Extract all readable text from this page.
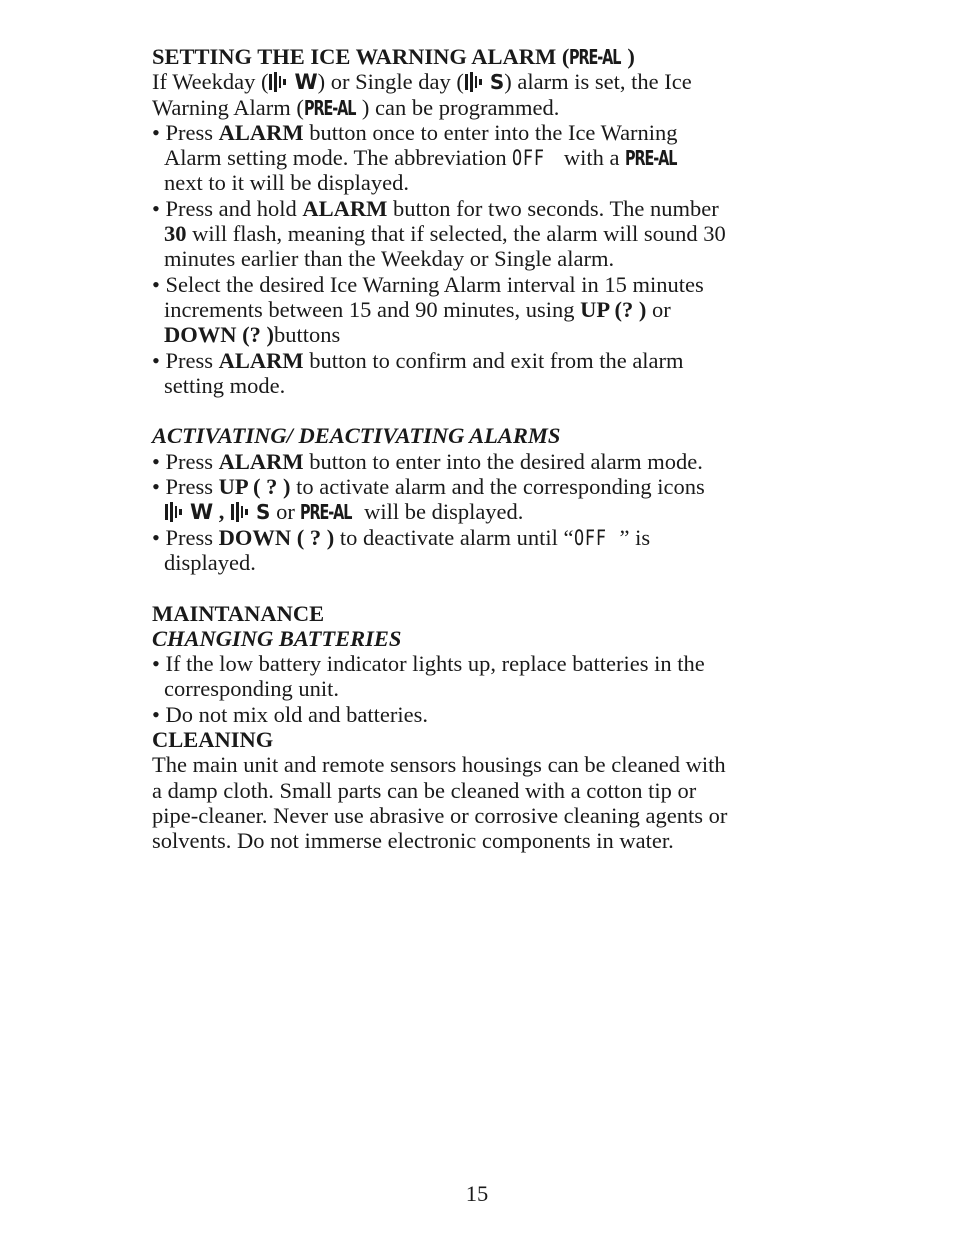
SETTING THE ICE WARNING ALARM (PRE-AL )
If Weekday ( W) or Single day ( S) alarm is set, the Ice
Warning Alarm (PRE-AL ) can be programmed.
• Press ALARM button once to enter into the Ice Warning
Alarm setting mode. The abbreviation OFF with a PRE-AL
next to it will be displayed.
• Press and hold ALARM button for two seconds. The number
30 will flash, meaning that if selected, the alarm will sound 30
minutes earlier than the Weekday or Single alarm.
• Select the desired Ice Warning Alarm interval in 15 minutes
increments between 15 and 90 minutes, using UP (? ) or
DOWN (? )buttons
• Press ALARM button to confirm and exit from the alarm
setting mode.
ACTIVATING/ DEACTIVATING ALARMS
• Press ALARM button to enter into the desired alarm mode.
• Press UP ( ? ) to activate alarm and the corresponding icons
W , S or PRE-AL will be displayed.
• Press DOWN ( ? ) to deactivate alarm until “OFF ” is
displayed.
MAINTANANCE
CHANGING BATTERIES
• If the low battery indicator lights up, replace batteries in the
corresponding unit.
• Do not mix old and batteries.
CLEANING
The main unit and remote sensors housings can be cleaned with
a damp cloth. Small parts can be cleaned with a cotton tip or
pipe-cleaner. Never use abrasive or corrosive cleaning agents or
solvents. Do not immerse electronic components in water.
15
